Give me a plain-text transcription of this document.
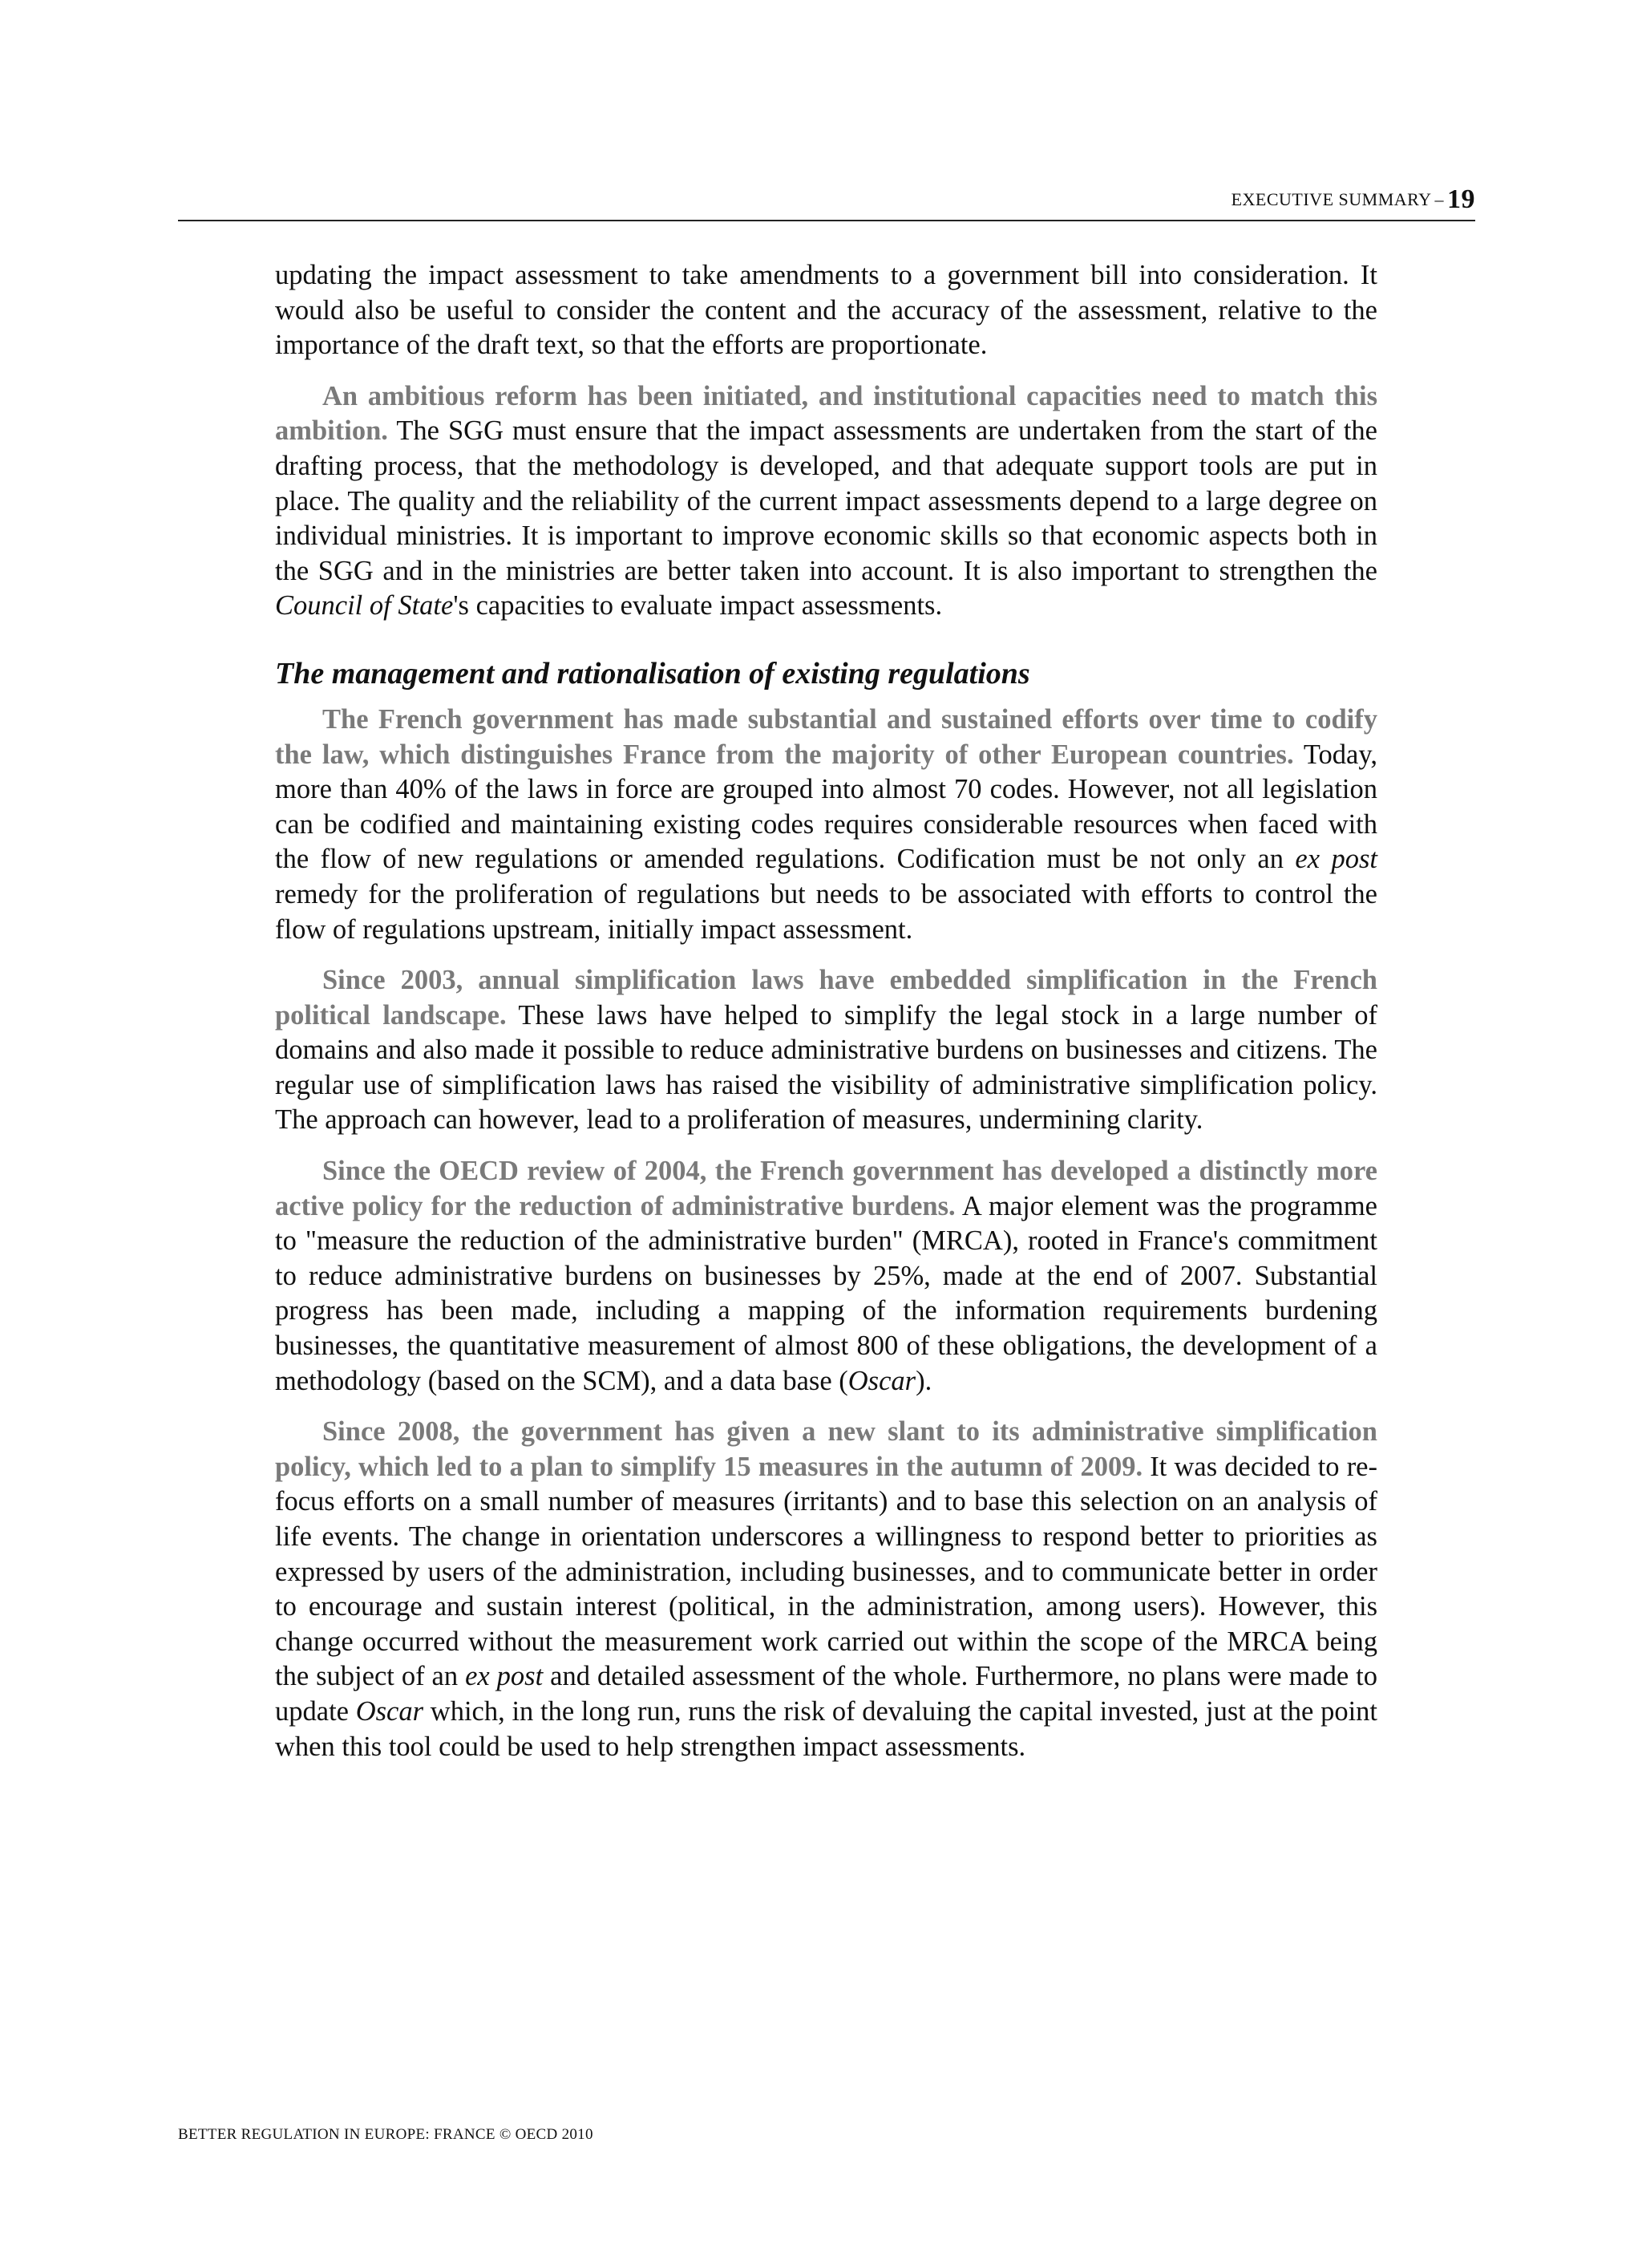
EXECUTIVE SUMMARY – 19

updating the impact assessment to take amendments to a government bill into consideration. It would also be useful to consider the content and the accuracy of the assessment, relative to the importance of the draft text, so that the efforts are proportionate.

An ambitious reform has been initiated, and institutional capacities need to match this ambition. The SGG must ensure that the impact assessments are undertaken from the start of the drafting process, that the methodology is developed, and that adequate support tools are put in place. The quality and the reliability of the current impact assessments depend to a large degree on individual ministries. It is important to improve economic skills so that economic aspects both in the SGG and in the ministries are better taken into account. It is also important to strengthen the Council of State's capacities to evaluate impact assessments.

The management and rationalisation of existing regulations

The French government has made substantial and sustained efforts over time to codify the law, which distinguishes France from the majority of other European countries. Today, more than 40% of the laws in force are grouped into almost 70 codes. However, not all legislation can be codified and maintaining existing codes requires considerable resources when faced with the flow of new regulations or amended regulations. Codification must be not only an ex post remedy for the proliferation of regulations but needs to be associated with efforts to control the flow of regulations upstream, initially impact assessment.

Since 2003, annual simplification laws have embedded simplification in the French political landscape. These laws have helped to simplify the legal stock in a large number of domains and also made it possible to reduce administrative burdens on businesses and citizens. The regular use of simplification laws has raised the visibility of administrative simplification policy. The approach can however, lead to a proliferation of measures, undermining clarity.

Since the OECD review of 2004, the French government has developed a distinctly more active policy for the reduction of administrative burdens. A major element was the programme to "measure the reduction of the administrative burden" (MRCA), rooted in France's commitment to reduce administrative burdens on businesses by 25%, made at the end of 2007. Substantial progress has been made, including a mapping of the information requirements burdening businesses, the quantitative measurement of almost 800 of these obligations, the development of a methodology (based on the SCM), and a data base (Oscar).

Since 2008, the government has given a new slant to its administrative simplification policy, which led to a plan to simplify 15 measures in the autumn of 2009. It was decided to re-focus efforts on a small number of measures (irritants) and to base this selection on an analysis of life events. The change in orientation underscores a willingness to respond better to priorities as expressed by users of the administration, including businesses, and to communicate better in order to encourage and sustain interest (political, in the administration, among users). However, this change occurred without the measurement work carried out within the scope of the MRCA being the subject of an ex post and detailed assessment of the whole. Furthermore, no plans were made to update Oscar which, in the long run, runs the risk of devaluing the capital invested, just at the point when this tool could be used to help strengthen impact assessments.

BETTER REGULATION IN EUROPE: FRANCE © OECD 2010
